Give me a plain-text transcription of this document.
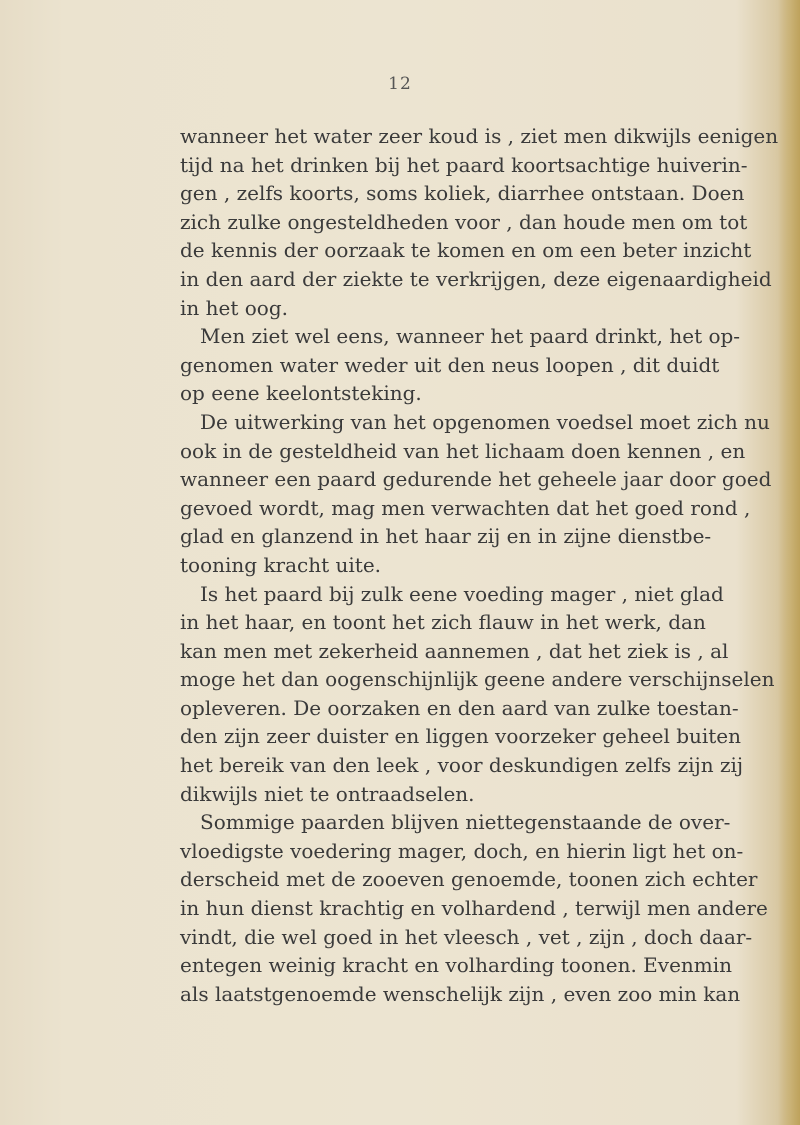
12
wanneer het water zeer koud is , ziet men dikwijls eenigen
tijd na het drinken bij het paard koortsachtige huiverin-
gen , zelfs koorts, soms koliek, diarrhee ontstaan. Doen
zich zulke ongesteldheden voor , dan houde men om tot
de kennis der oorzaak te komen en om een beter inzicht
in den aard der ziekte te verkrijgen, deze eigenaardigheid
in het oog.
Men ziet wel eens, wanneer het paard drinkt, het op-
genomen water weder uit den neus loopen , dit duidt
op eene keelontsteking.
De uitwerking van het opgenomen voedsel moet zich nu
ook in de gesteldheid van het lichaam doen kennen , en
wanneer een paard gedurende het geheele jaar door goed
gevoed wordt, mag men verwachten dat het goed rond ,
glad en glanzend in het haar zij en in zijne dienstbe-
tooning kracht uite.
Is het paard bij zulk eene voeding mager , niet glad
in het haar, en toont het zich flauw in het werk, dan
kan men met zekerheid aannemen , dat het ziek is , al
moge het dan oogenschijnlijk geene andere verschijnselen
opleveren. De oorzaken en den aard van zulke toestan-
den zijn zeer duister en liggen voorzeker geheel buiten
het bereik van den leek , voor deskundigen zelfs zijn zij
dikwijls niet te ontraadselen.
Sommige paarden blijven niettegenstaande de over-
vloedigste voedering mager, doch, en hierin ligt het on-
derscheid met de zooeven genoemde, toonen zich echter
in hun dienst krachtig en volhardend , terwijl men andere
vindt, die wel goed in het vleesch , vet , zijn , doch daar-
entegen weinig kracht en volharding toonen. Evenmin
als laatstgenoemde wenschelijk zijn , even zoo min kan
